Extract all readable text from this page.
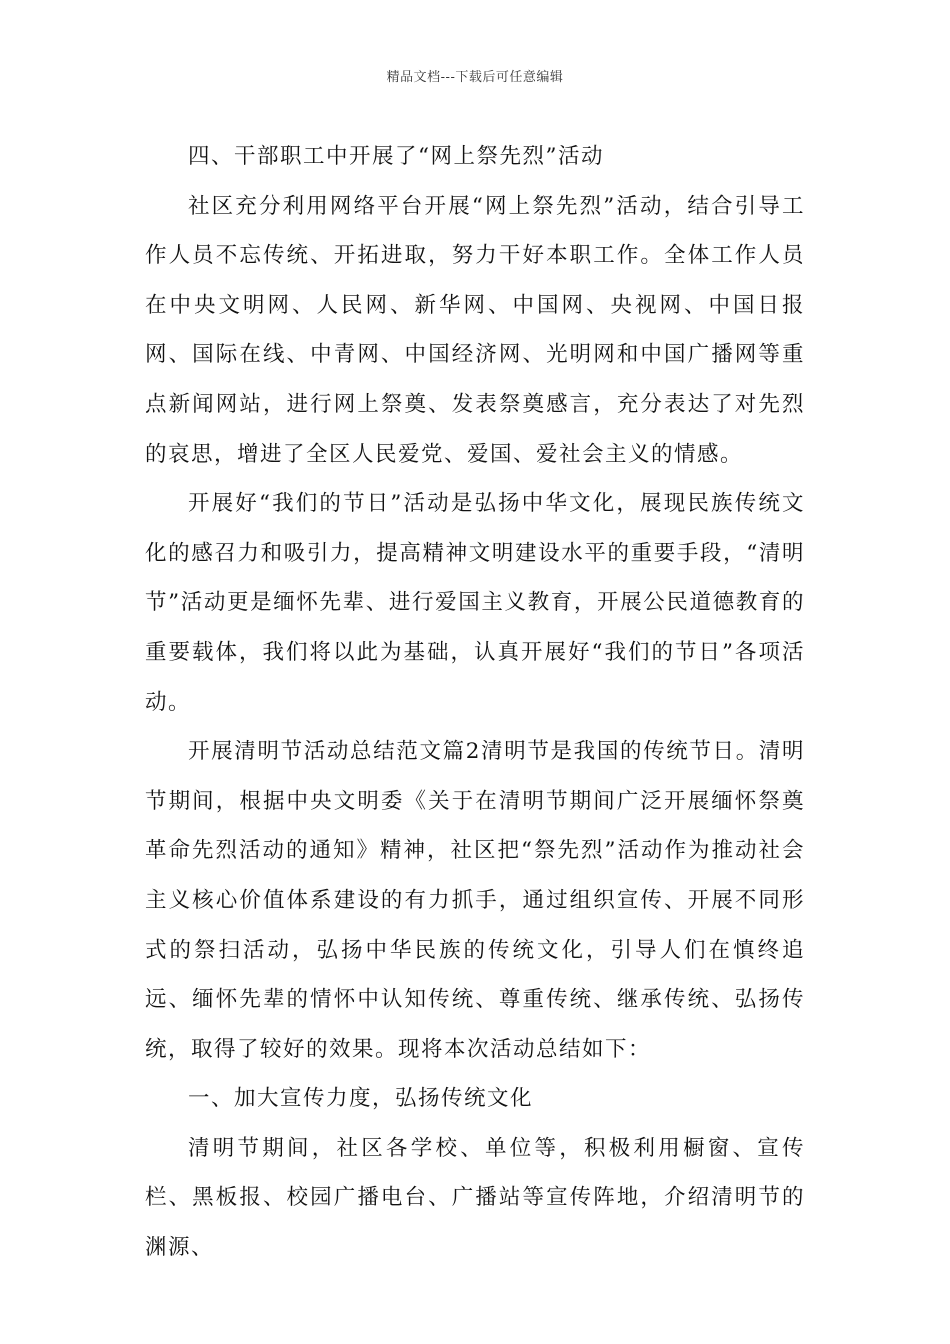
精品文档---下载后可任意编辑

四、干部职工中开展了“网上祭先烈”活动

社区充分利用网络平台开展“网上祭先烈”活动，结合引导工作人员不忘传统、开拓进取，努力干好本职工作。全体工作人员在中央文明网、人民网、新华网、中国网、央视网、中国日报网、国际在线、中青网、中国经济网、光明网和中国广播网等重点新闻网站，进行网上祭奠、发表祭奠感言，充分表达了对先烈的哀思，增进了全区人民爱党、爱国、爱社会主义的情感。

开展好“我们的节日”活动是弘扬中华文化，展现民族传统文化的感召力和吸引力，提高精神文明建设水平的重要手段，“清明节”活动更是缅怀先辈、进行爱国主义教育，开展公民道德教育的重要载体，我们将以此为基础，认真开展好“我们的节日”各项活动。

开展清明节活动总结范文篇2清明节是我国的传统节日。清明节期间，根据中央文明委《关于在清明节期间广泛开展缅怀祭奠革命先烈活动的通知》精神，社区把“祭先烈”活动作为推动社会主义核心价值体系建设的有力抓手，通过组织宣传、开展不同形式的祭扫活动，弘扬中华民族的传统文化，引导人们在慎终追远、缅怀先辈的情怀中认知传统、尊重传统、继承传统、弘扬传统，取得了较好的效果。现将本次活动总结如下：

一、加大宣传力度，弘扬传统文化

清明节期间，社区各学校、单位等，积极利用橱窗、宣传栏、黑板报、校园广播电台、广播站等宣传阵地，介绍清明节的渊源、
